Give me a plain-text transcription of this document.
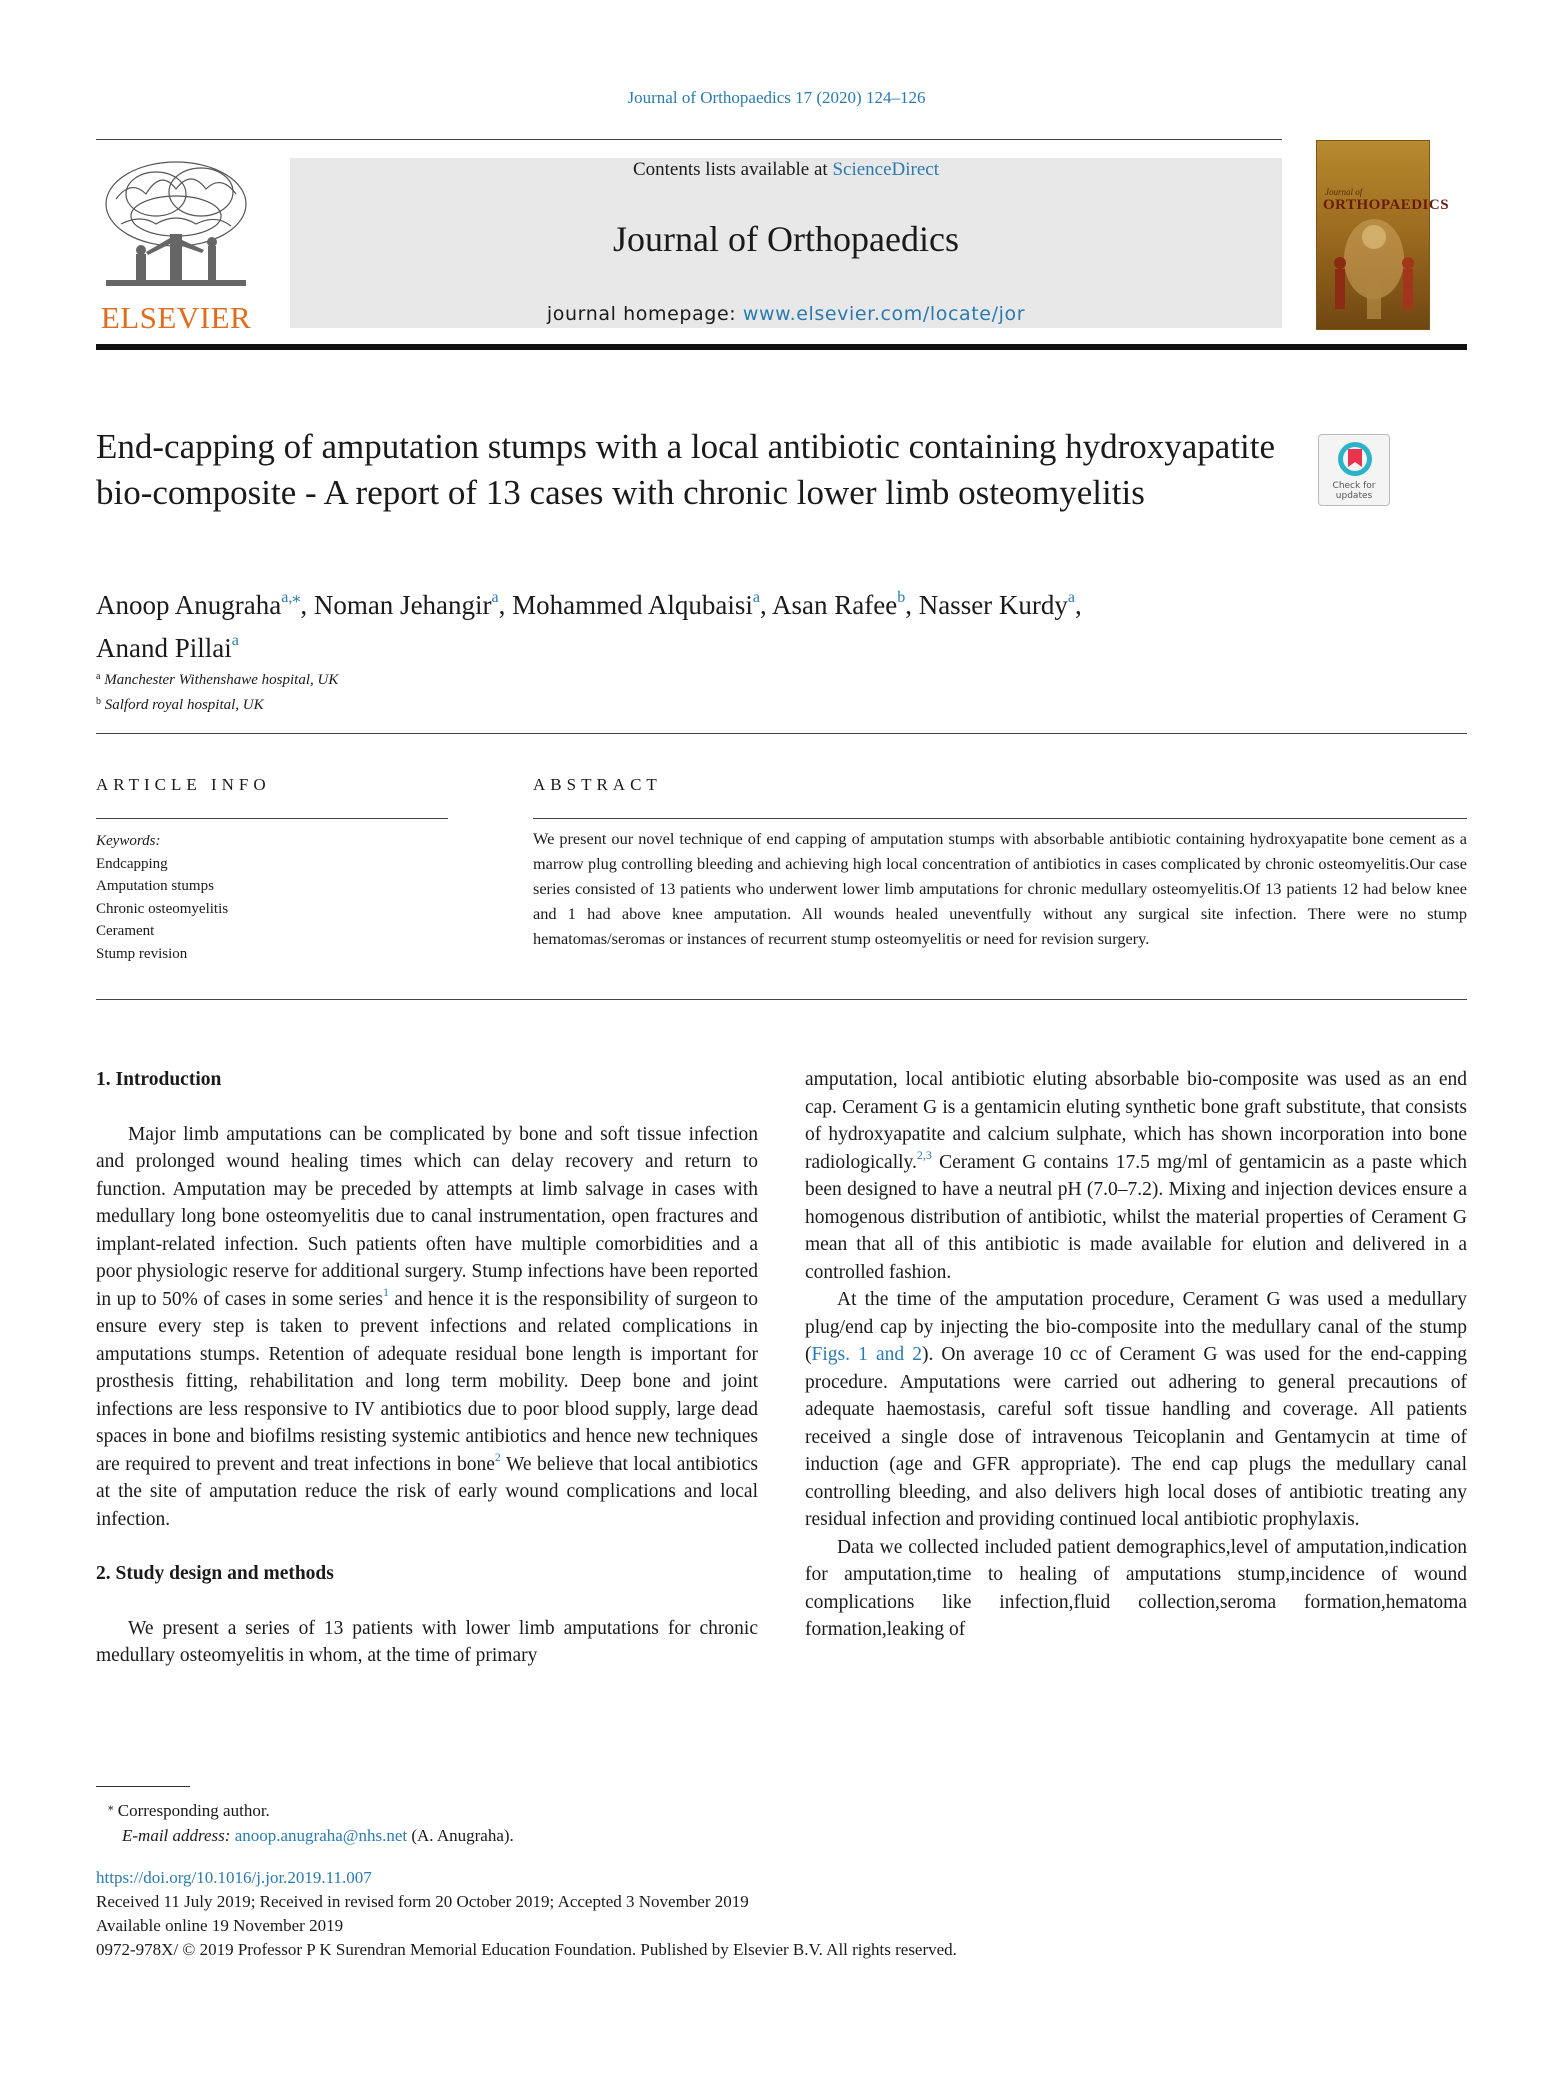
Journal of Orthopaedics 17 (2020) 124–126
ELSEVIER
Contents lists available at ScienceDirect
Journal of Orthopaedics
journal homepage: www.elsevier.com/locate/jor
Journal of
ORTHOPAEDICS
End-capping of amputation stumps with a local antibiotic containing hydroxyapatite bio-composite - A report of 13 cases with chronic lower limb osteomyelitis	Check for
updates
Anoop Anugraha$^{a,⁎}$, Noman Jehangir$^a$, Mohammed Alqubaisi$^a$, Asan Rafee$^b$, Nasser Kurdy$^a$,
Anand Pillai$^a$
$^a$ Manchester Withenshawe hospital, UK
$^b$ Salford royal hospital, UK
ARTICLE INFO	ABSTRACT
Keywords:
Endcapping
Amputation stumps
Chronic osteomyelitis
Cerament
Stump revision
We present our novel technique of end capping of amputation stumps with absorbable antibiotic containing hydroxyapatite bone cement as a marrow plug controlling bleeding and achieving high local concentration of antibiotics in cases complicated by chronic osteomyelitis.Our case series consisted of 13 patients who underwent lower limb amputations for chronic medullary osteomyelitis.Of 13 patients 12 had below knee and 1 had above knee amputation. All wounds healed uneventfully without any surgical site infection. There were no stump hematomas/seromas or instances of recurrent stump osteomyelitis or need for revision surgery.
1. Introduction

Major limb amputations can be complicated by bone and soft tissue infection and prolonged wound healing times which can delay recovery and return to function. Amputation may be preceded by attempts at limb salvage in cases with medullary long bone osteomyelitis due to canal instrumentation, open fractures and implant-related infection. Such patients often have multiple comorbidities and a poor physiologic reserve for additional surgery. Stump infections have been reported in up to 50% of cases in some series$^1$ and hence it is the responsibility of surgeon to ensure every step is taken to prevent infections and related complications in amputations stumps. Retention of adequate residual bone length is important for prosthesis fitting, rehabilitation and long term mobility. Deep bone and joint infections are less responsive to IV antibiotics due to poor blood supply, large dead spaces in bone and biofilms resisting systemic antibiotics and hence new techniques are required to prevent and treat infections in bone$^2$ We believe that local antibiotics at the site of amputation reduce the risk of early wound complications and local infection.

2. Study design and methods

We present a series of 13 patients with lower limb amputations for chronic medullary osteomyelitis in whom, at the time of primary

amputation, local antibiotic eluting absorbable bio-composite was used as an end cap. Cerament G is a gentamicin eluting synthetic bone graft substitute, that consists of hydroxyapatite and calcium sulphate, which has shown incorporation into bone radiologically.$^{2,3}$ Cerament G contains 17.5 mg/ml of gentamicin as a paste which been designed to have a neutral pH (7.0–7.2). Mixing and injection devices ensure a homogenous distribution of antibiotic, whilst the material properties of Cerament G mean that all of this antibiotic is made available for elution and delivered in a controlled fashion.

At the time of the amputation procedure, Cerament G was used a medullary plug/end cap by injecting the bio-composite into the medullary canal of the stump (Figs. 1 and 2). On average 10 cc of Cerament G was used for the end-capping procedure. Amputations were carried out adhering to general precautions of adequate haemostasis, careful soft tissue handling and coverage. All patients received a single dose of intravenous Teicoplanin and Gentamycin at time of induction (age and GFR appropriate). The end cap plugs the medullary canal controlling bleeding, and also delivers high local doses of antibiotic treating any residual infection and providing continued local antibiotic prophylaxis.

Data we collected included patient demographics,level of amputation,indication for amputation,time to healing of amputations stump,incidence of wound complications like infection,fluid collection,seroma formation,hematoma formation,leaking of

⁎ Corresponding author.
E-mail address: anoop.anugraha@nhs.net (A. Anugraha).
https://doi.org/10.1016/j.jor.2019.11.007
Received 11 July 2019; Received in revised form 20 October 2019; Accepted 3 November 2019
Available online 19 November 2019
0972-978X/ © 2019 Professor P K Surendran Memorial Education Foundation. Published by Elsevier B.V. All rights reserved.
